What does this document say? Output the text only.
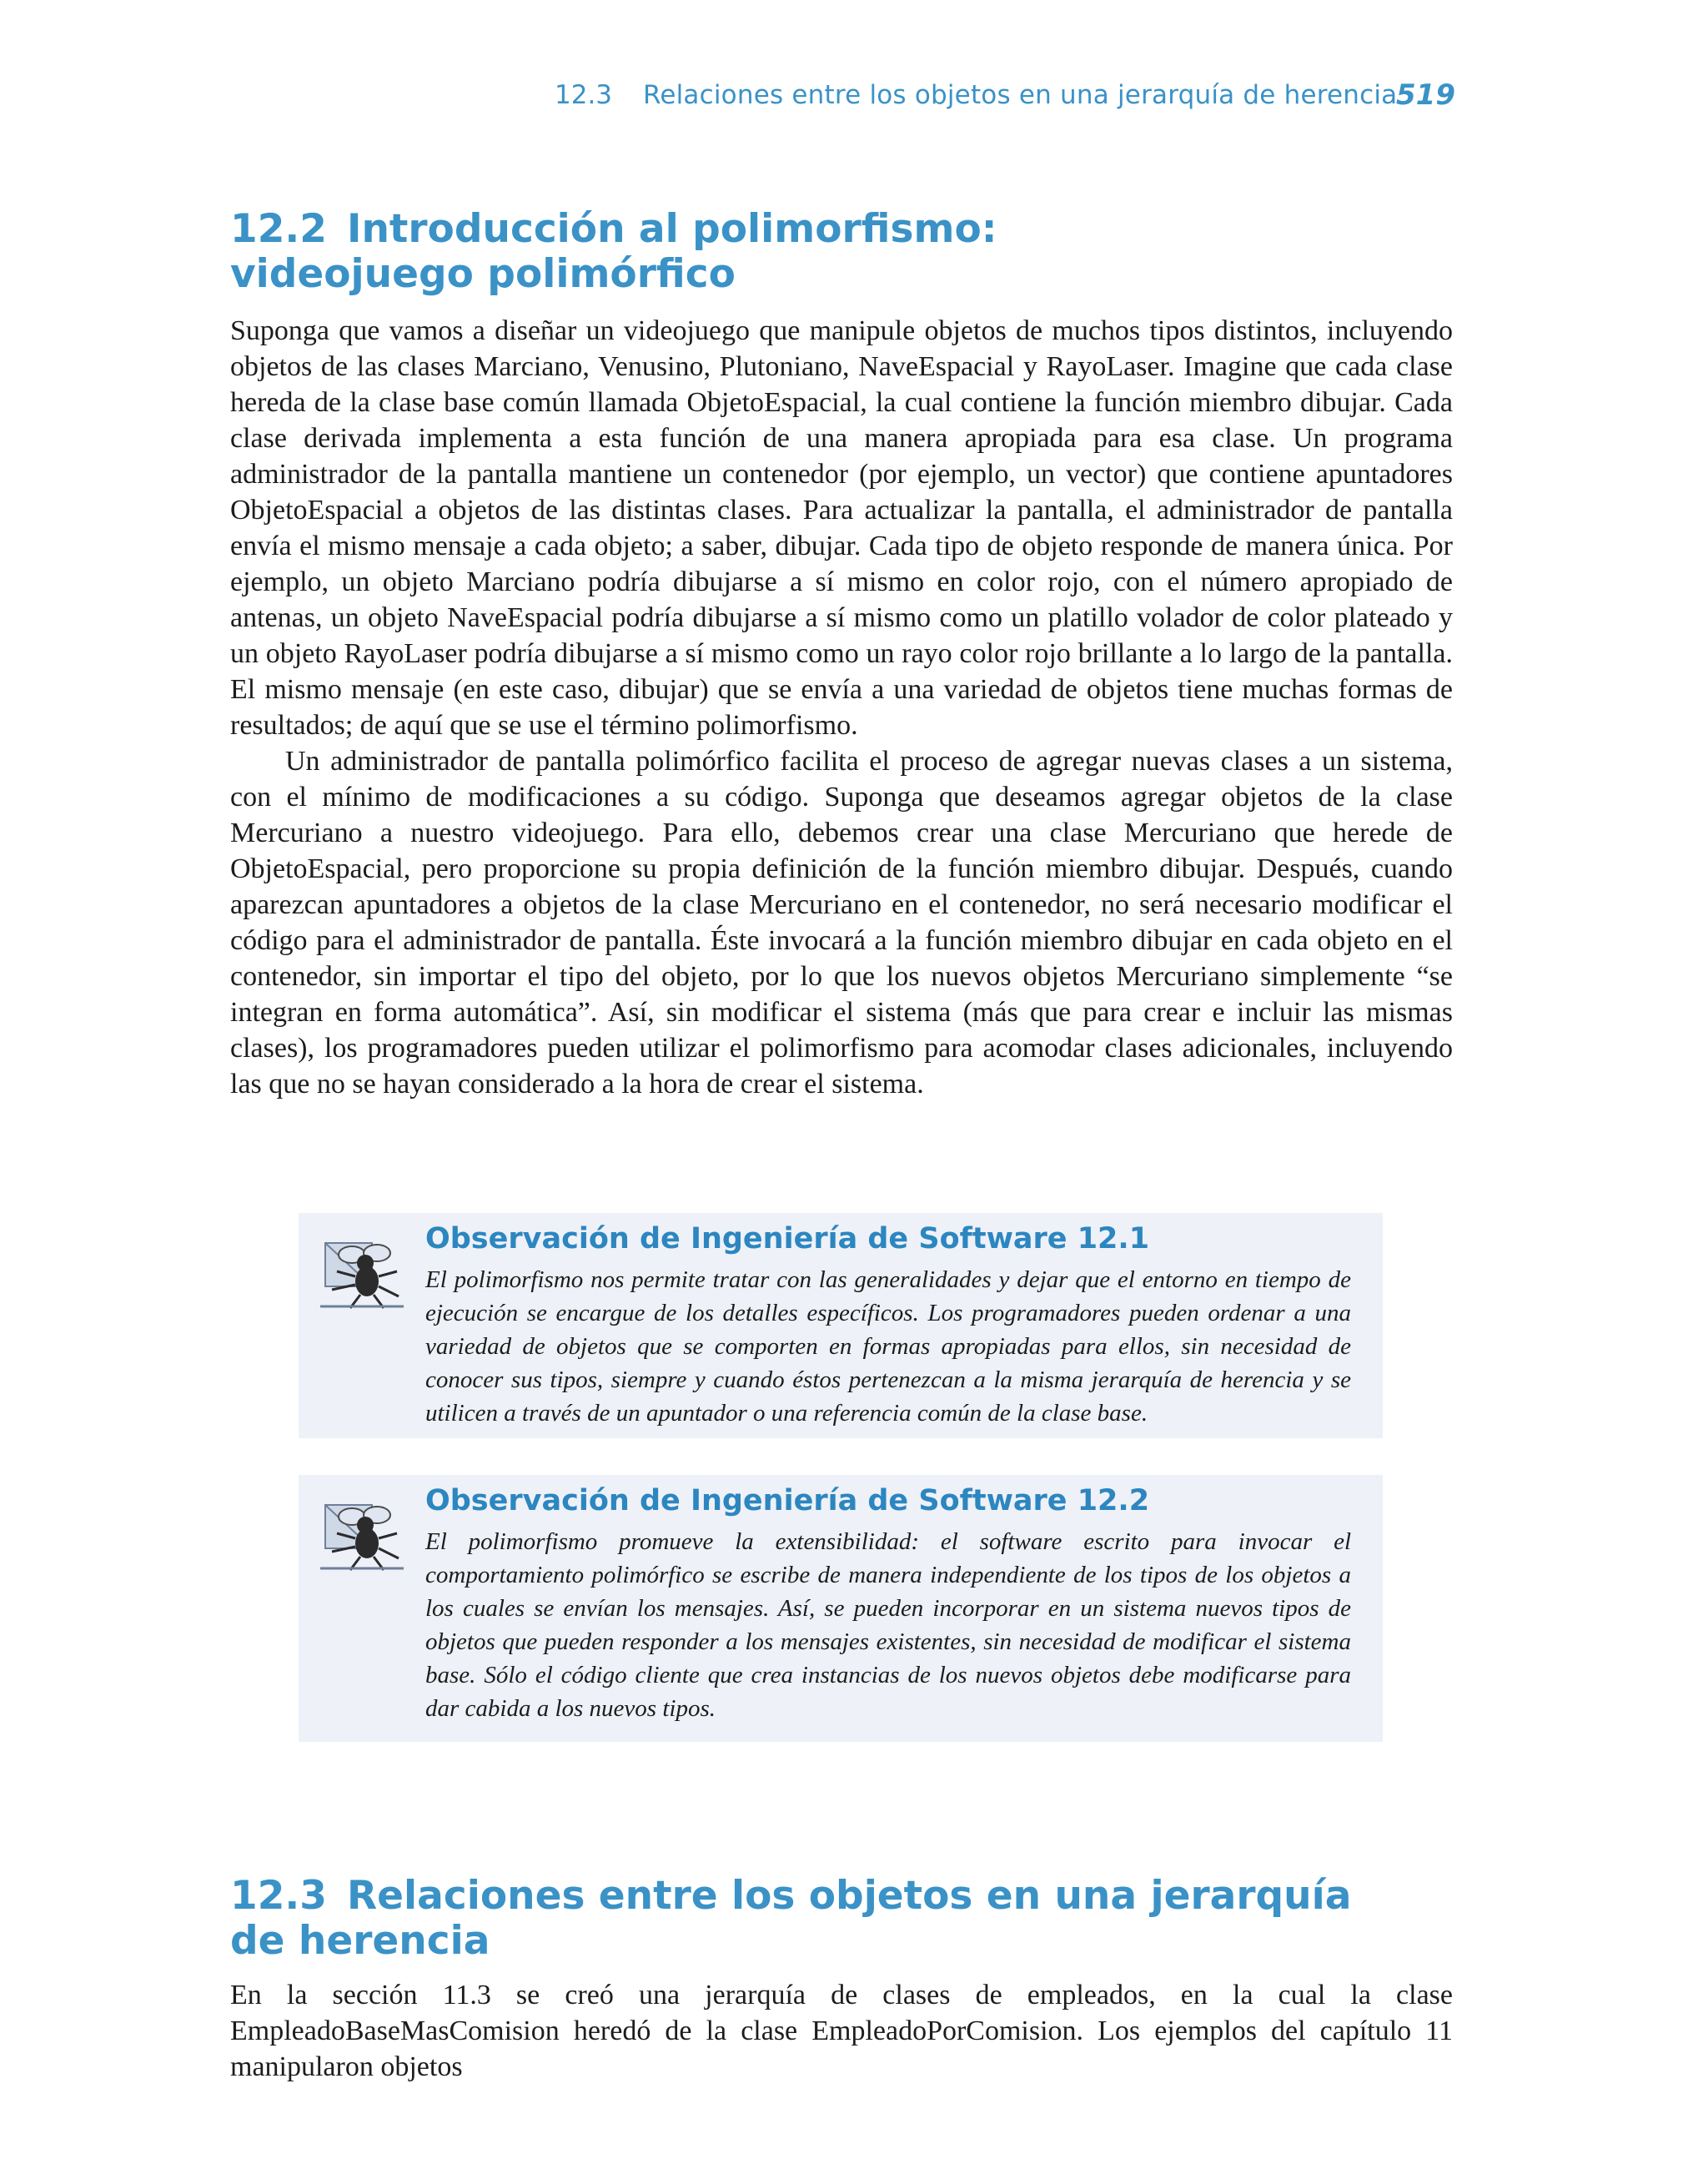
12.3 Relaciones entre los objetos en una jerarquía de herencia
519
12.2 Introducción al polimorfismo:
videojuego polimórfico

Suponga que vamos a diseñar un videojuego que manipule objetos de muchos tipos distintos, incluyendo objetos de las clases Marciano, Venusino, Plutoniano, NaveEspacial y RayoLaser. Imagine que cada clase hereda de la clase base común llamada ObjetoEspacial, la cual contiene la función miembro dibujar. Cada clase derivada implementa a esta función de una manera apropiada para esa clase. Un programa administrador de la pantalla mantiene un contenedor (por ejemplo, un vector) que contiene apuntadores ObjetoEspacial a objetos de las distintas clases. Para actualizar la pantalla, el administrador de pantalla envía el mismo mensaje a cada objeto; a saber, dibujar. Cada tipo de objeto responde de manera única. Por ejemplo, un objeto Marciano podría dibujarse a sí mismo en color rojo, con el número apropiado de antenas, un objeto NaveEspacial podría dibujarse a sí mismo como un platillo volador de color plateado y un objeto RayoLaser podría dibujarse a sí mismo como un rayo color rojo brillante a lo largo de la pantalla. El mismo mensaje (en este caso, dibujar) que se envía a una variedad de objetos tiene muchas formas de resultados; de aquí que se use el término polimorfismo.

Un administrador de pantalla polimórfico facilita el proceso de agregar nuevas clases a un sistema, con el mínimo de modificaciones a su código. Suponga que deseamos agregar objetos de la clase Mercuriano a nuestro videojuego. Para ello, debemos crear una clase Mercuriano que herede de ObjetoEspacial, pero proporcione su propia definición de la función miembro dibujar. Después, cuando aparezcan apuntadores a objetos de la clase Mercuriano en el contenedor, no será necesario modificar el código para el administrador de pantalla. Éste invocará a la función miembro dibujar en cada objeto en el contenedor, sin importar el tipo del objeto, por lo que los nuevos objetos Mercuriano simplemente “se integran en forma automática”. Así, sin modificar el sistema (más que para crear e incluir las mismas clases), los programadores pueden utilizar el polimorfismo para acomodar clases adicionales, incluyendo las que no se hayan considerado a la hora de crear el sistema.

Observación de Ingeniería de Software 12.1
El polimorfismo nos permite tratar con las generalidades y dejar que el entorno en tiempo de ejecución se encargue de los detalles específicos. Los programadores pueden ordenar a una variedad de objetos que se comporten en formas apropiadas para ellos, sin necesidad de conocer sus tipos, siempre y cuando éstos pertenezcan a la misma jerarquía de herencia y se utilicen a través de un apuntador o una referencia común de la clase base.
Observación de Ingeniería de Software 12.2
El polimorfismo promueve la extensibilidad: el software escrito para invocar el comportamiento polimórfico se escribe de manera independiente de los tipos de los objetos a los cuales se envían los mensajes. Así, se pueden incorporar en un sistema nuevos tipos de objetos que pueden responder a los mensajes existentes, sin necesidad de modificar el sistema base. Sólo el código cliente que crea instancias de los nuevos objetos debe modificarse para dar cabida a los nuevos tipos.
12.3 Relaciones entre los objetos en una jerarquía
de herencia

En la sección 11.3 se creó una jerarquía de clases de empleados, en la cual la clase EmpleadoBaseMasComision heredó de la clase EmpleadoPorComision. Los ejemplos del capítulo 11 manipularon objetos
